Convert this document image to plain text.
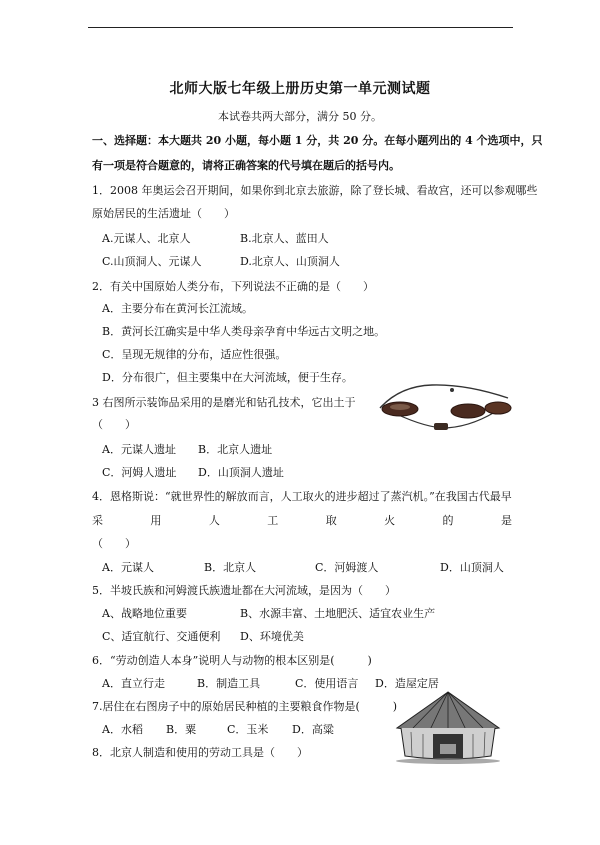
北师大版七年级上册历史第一单元测试题
本试卷共两大部分，满分 50 分。
一、选择题：本大题共 20 小题，每小题 1 分，共 20 分。在每小题列出的 4 个选项中，只
有一项是符合题意的，请将正确答案的代号填在题后的括号内。
1．2008 年奥运会召开期间，如果你到北京去旅游，除了登长城、看故宫，还可以参观哪些
原始居民的生活遗址（　　）
A.元谋人、北京人	B.北京人、蓝田人
C.山顶洞人、元谋人	D.北京人、山顶洞人
2．有关中国原始人类分布，下列说法不正确的是（　　）
A．主要分布在黄河长江流域。
B．黄河长江确实是中华人类母亲孕育中华远古文明之地。
C．呈现无规律的分布，适应性很强。
D．分布很广，但主要集中在大河流域，便于生存。
3 右图所示装饰品采用的是磨光和钻孔技术，它出土于
（　　）
A．元谋人遗址 B．北京人遗址
C．河姆人遗址 D．山顶洞人遗址
4．恩格斯说：“就世界性的解放而言，人工取火的进步超过了蒸汽机。”在我国古代最早
采	用	人	工	取	火	的	是
（　　）
A．元谋人	B．北京人	C．河姆渡人	D．山顶洞人
5．半坡氏族和河姆渡氏族遗址都在大河流域，是因为（　　）
A、战略地位重要	B、水源丰富、土地肥沃、适宜农业生产
C、适宜航行、交通便利 D、环境优美
6．“劳动创造人本身”说明人与动物的根本区别是(　　　)
A．直立行走	B．制造工具	C．使用语言 D．造屋定居
7.居住在右图房子中的原始居民种植的主要粮食作物是(　　　)
A．水稻 B．粟	C．玉米 D．高粱
8．北京人制造和使用的劳动工具是（　　）
